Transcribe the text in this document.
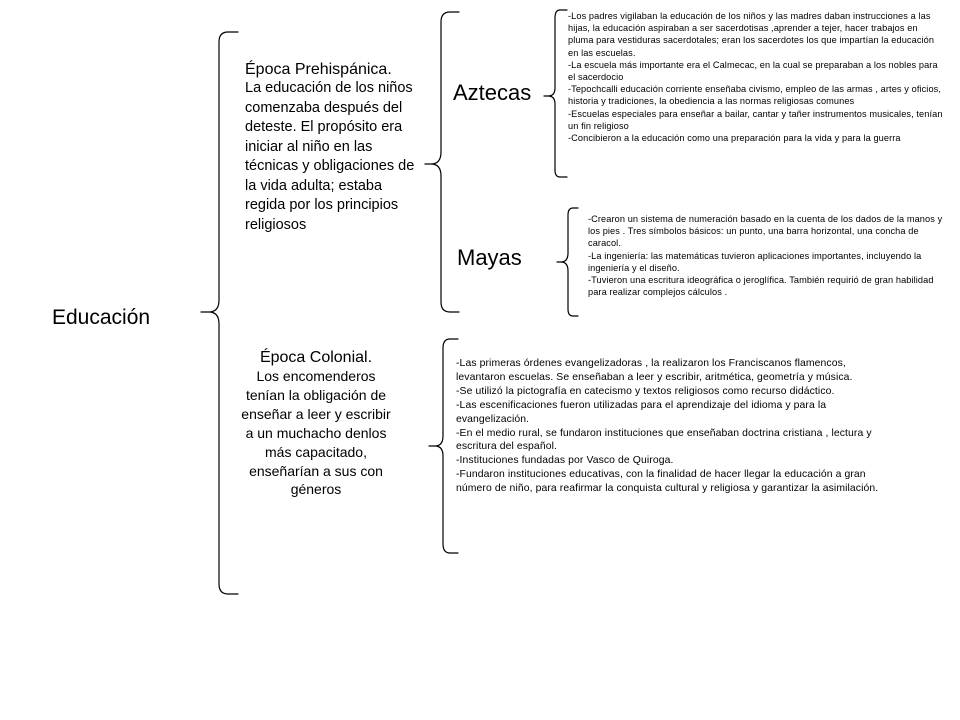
Educación
Época Prehispánica.
La educación de los niños comenzaba después del deteste. El propósito era iniciar al niño en las técnicas y obligaciones de la vida adulta; estaba regida por los principios religiosos
Época Colonial.
Los encomenderos tenían la obligación de enseñar a leer y escribir a un muchacho denlos más capacitado, enseñarían a sus con géneros
Aztecas
Mayas
-Los padres vigilaban la educación de los niños y las madres daban instrucciones a las hijas, la educación aspiraban a ser sacerdotisas ,aprender a tejer, hacer trabajos en pluma para vestiduras sacerdotales; eran los sacerdotes los que impartían la educación en las escuelas.
-La escuela más importante era el Calmecac, en la cual se preparaban a los nobles para el sacerdocio
-Tepochcalli educación corriente enseñaba civismo, empleo de las armas , artes y oficios, historia y tradiciones, la obediencia a las normas religiosas comunes
-Escuelas especiales para enseñar a bailar, cantar y tañer instrumentos musicales, tenían un fin religioso
-Concibieron a la educación como una preparación para la vida y para la guerra
-Crearon un sistema de numeración basado en la cuenta de los dados de la manos y los pies . Tres símbolos básicos: un punto, una barra horizontal, una concha de caracol.
-La ingeniería: las matemáticas tuvieron aplicaciones importantes, incluyendo la ingeniería y el diseño.
-Tuvieron una escritura ideográfica o jeroglífica. También requirió de gran habilidad para realizar complejos cálculos .
-Las primeras órdenes evangelizadoras , la realizaron los Franciscanos flamencos, levantaron escuelas. Se enseñaban a leer y escribir, aritmética, geometría y música.
-Se utilizó la pictografía en catecismo y textos religiosos como recurso didáctico.
-Las escenificaciones fueron utilizadas para el aprendizaje del idioma y para la evangelización.
-En el medio rural, se fundaron instituciones que enseñaban doctrina cristiana , lectura y escritura del español.
-Instituciones fundadas por Vasco de Quiroga.
-Fundaron instituciones educativas, con la finalidad de hacer llegar la educación a gran número de niño, para reafirmar la conquista cultural y religiosa y garantizar la asimilación.
